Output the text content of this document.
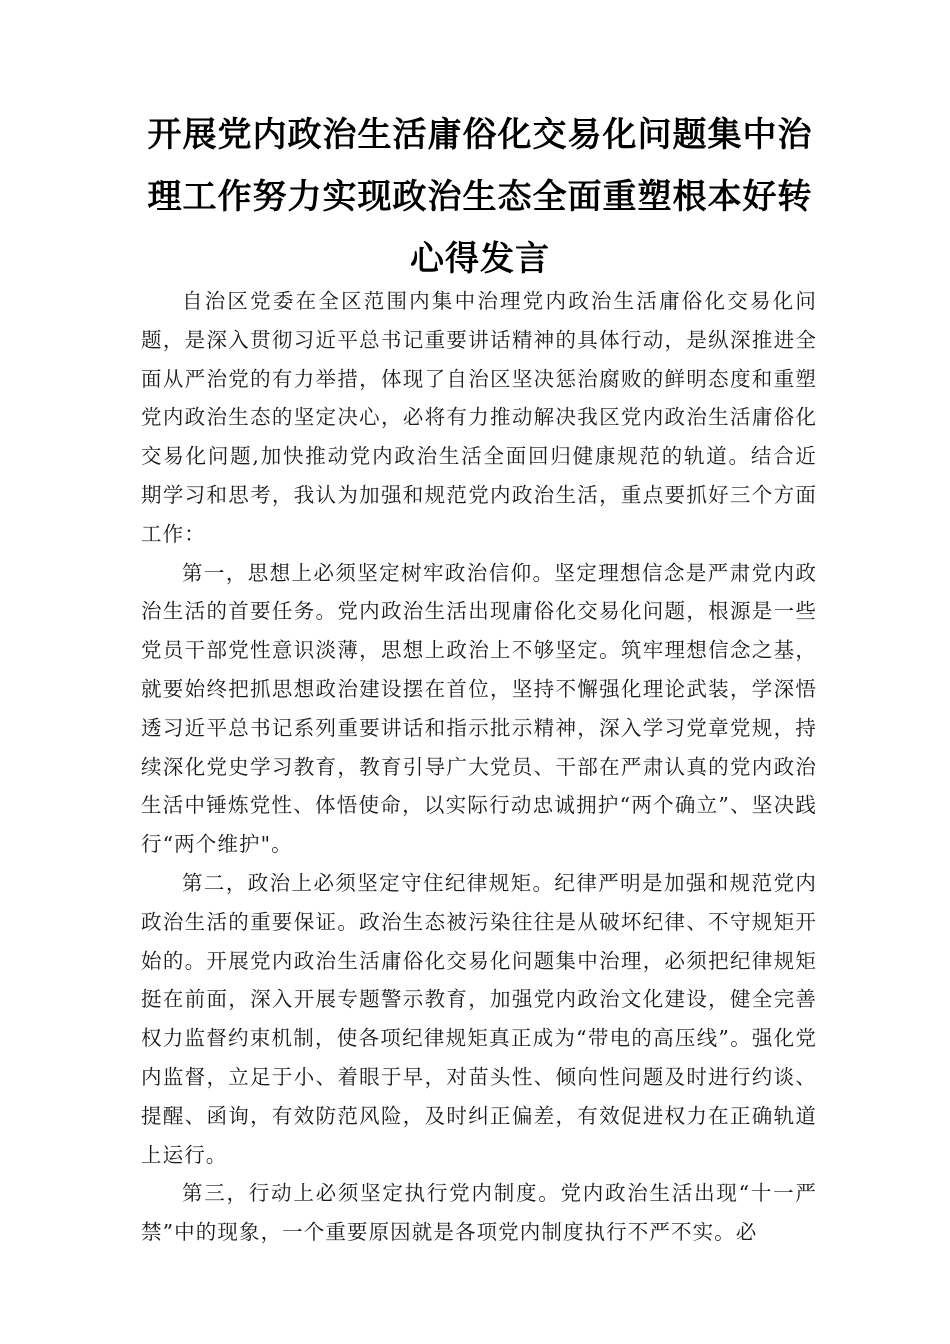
开展党内政治生活庸俗化交易化问题集中治理工作努力实现政治生态全面重塑根本好转心得发言

自治区党委在全区范围内集中治理党内政治生活庸俗化交易化问题，是深入贯彻习近平总书记重要讲话精神的具体行动，是纵深推进全面从严治党的有力举措，体现了自治区坚决惩治腐败的鲜明态度和重塑党内政治生态的坚定决心，必将有力推动解决我区党内政治生活庸俗化交易化问题,加快推动党内政治生活全面回归健康规范的轨道。结合近期学习和思考，我认为加强和规范党内政治生活，重点要抓好三个方面工作：

第一，思想上必须坚定树牢政治信仰。坚定理想信念是严肃党内政治生活的首要任务。党内政治生活出现庸俗化交易化问题，根源是一些党员干部党性意识淡薄，思想上政治上不够坚定。筑牢理想信念之基，就要始终把抓思想政治建设摆在首位，坚持不懈强化理论武装，学深悟透习近平总书记系列重要讲话和指示批示精神，深入学习党章党规，持续深化党史学习教育，教育引导广大党员、干部在严肃认真的党内政治生活中锤炼党性、体悟使命，以实际行动忠诚拥护“两个确立”、坚决践行“两个维护"。

第二，政治上必须坚定守住纪律规矩。纪律严明是加强和规范党内政治生活的重要保证。政治生态被污染往往是从破坏纪律、不守规矩开始的。开展党内政治生活庸俗化交易化问题集中治理，必须把纪律规矩挺在前面，深入开展专题警示教育，加强党内政治文化建设，健全完善权力监督约束机制，使各项纪律规矩真正成为“带电的高压线”。强化党内监督，立足于小、着眼于早，对苗头性、倾向性问题及时进行约谈、提醒、函询，有效防范风险，及时纠正偏差，有效促进权力在正确轨道上运行。

第三，行动上必须坚定执行党内制度。党内政治生活出现“十一严禁”中的现象，一个重要原因就是各项党内制度执行不严不实。必
